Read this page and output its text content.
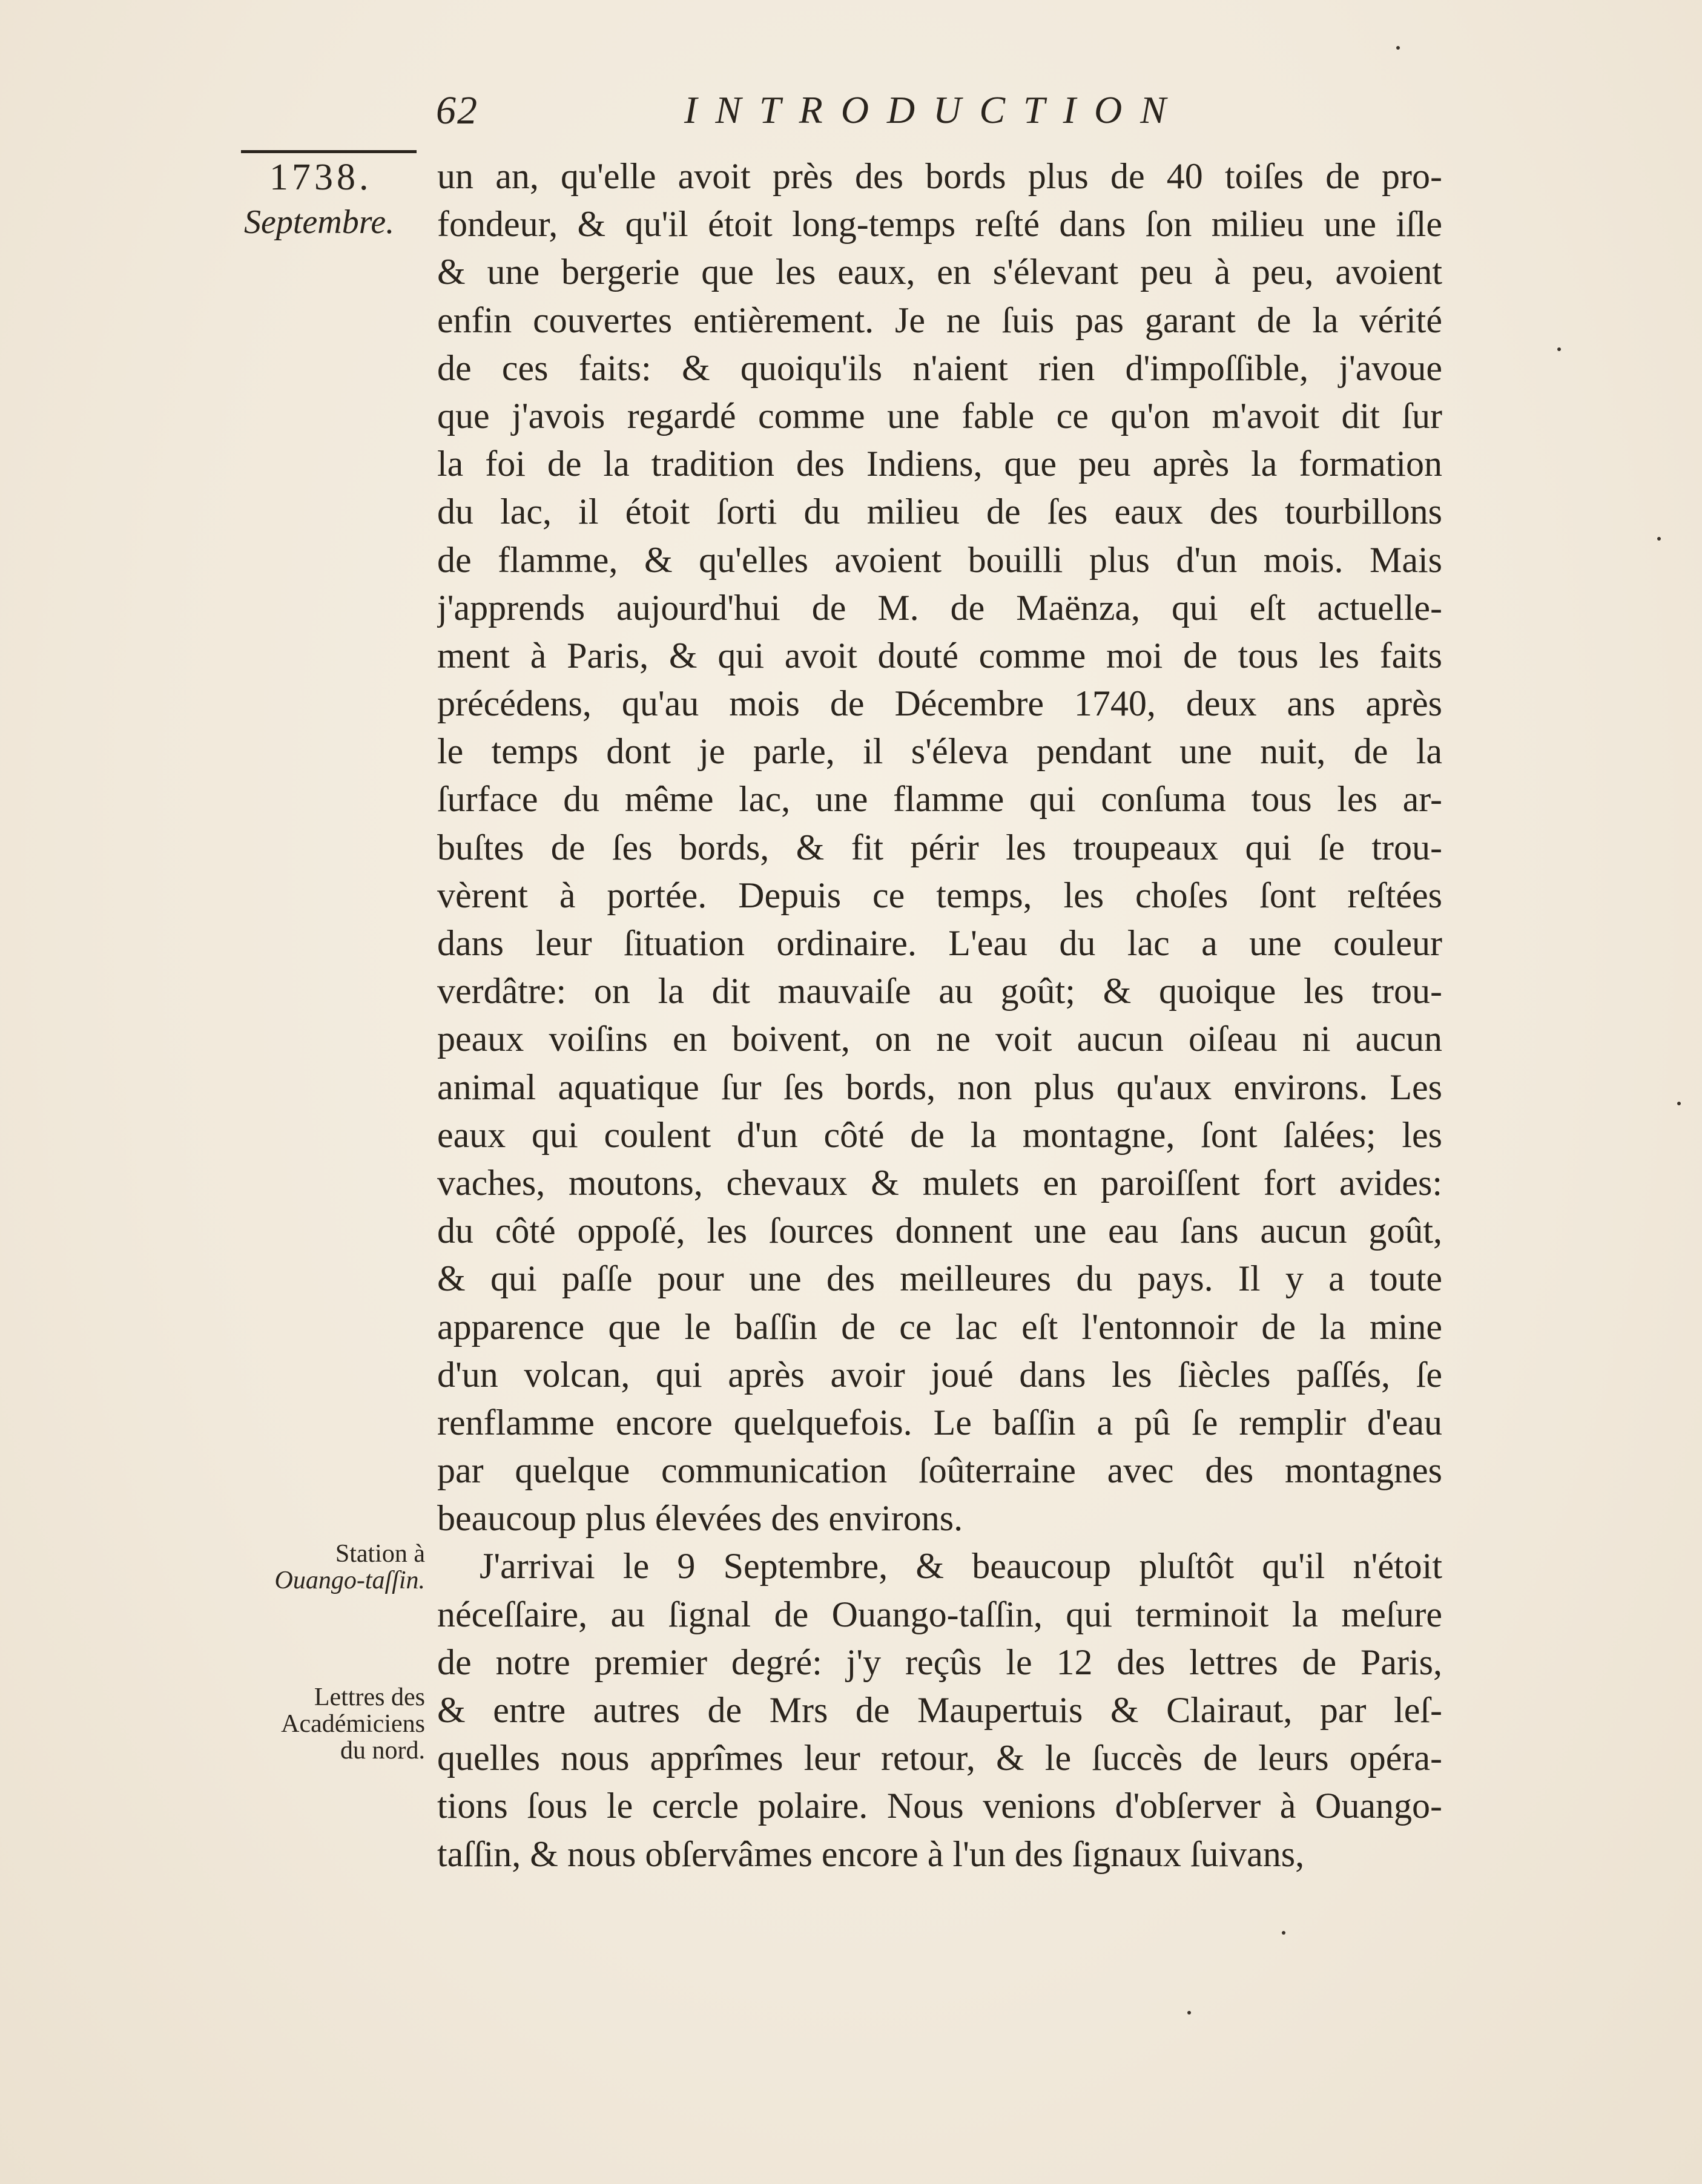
62	INTRODUCTION
1738.
Septembre.
Station à
Ouango-taſſin.
Lettres des
Académiciens
du nord.
un an, qu'elle avoit près des bords plus de 40 toiſes de pro-
fondeur, & qu'il étoit long-temps reſté dans ſon milieu une iſle
& une bergerie que les eaux, en s'élevant peu à peu, avoient
enfin couvertes entièrement. Je ne ſuis pas garant de la vérité
de ces faits: & quoiqu'ils n'aient rien d'impoſſible, j'avoue
que j'avois regardé comme une fable ce qu'on m'avoit dit ſur
la foi de la tradition des Indiens, que peu après la formation
du lac, il étoit ſorti du milieu de ſes eaux des tourbillons
de flamme, & qu'elles avoient bouilli plus d'un mois. Mais
j'apprends aujourd'hui de M. de Maënza, qui eſt actuelle-
ment à Paris, & qui avoit douté comme moi de tous les faits
précédens, qu'au mois de Décembre 1740, deux ans après
le temps dont je parle, il s'éleva pendant une nuit, de la
ſurface du même lac, une flamme qui conſuma tous les ar-
buſtes de ſes bords, & fit périr les troupeaux qui ſe trou-
vèrent à portée. Depuis ce temps, les choſes ſont reſtées
dans leur ſituation ordinaire. L'eau du lac a une couleur
verdâtre: on la dit mauvaiſe au goût; & quoique les trou-
peaux voiſins en boivent, on ne voit aucun oiſeau ni aucun
animal aquatique ſur ſes bords, non plus qu'aux environs. Les
eaux qui coulent d'un côté de la montagne, ſont ſalées; les
vaches, moutons, chevaux & mulets en paroiſſent fort avides:
du côté oppoſé, les ſources donnent une eau ſans aucun goût,
& qui paſſe pour une des meilleures du pays. Il y a toute
apparence que le baſſin de ce lac eſt l'entonnoir de la mine
d'un volcan, qui après avoir joué dans les ſiècles paſſés, ſe
renflamme encore quelquefois. Le baſſin a pû ſe remplir d'eau
par quelque communication ſoûterraine avec des montagnes
beaucoup plus élevées des environs.
J'arrivai le 9 Septembre, & beaucoup pluſtôt qu'il n'étoit
néceſſaire, au ſignal de Ouango-taſſin, qui terminoit la meſure
de notre premier degré: j'y reçûs le 12 des lettres de Paris,
& entre autres de Mrs de Maupertuis & Clairaut, par leſ-
quelles nous apprîmes leur retour, & le ſuccès de leurs opéra-
tions ſous le cercle polaire. Nous venions d'obſerver à Ouango-
taſſin, & nous obſervâmes encore à l'un des ſignaux ſuivans,
